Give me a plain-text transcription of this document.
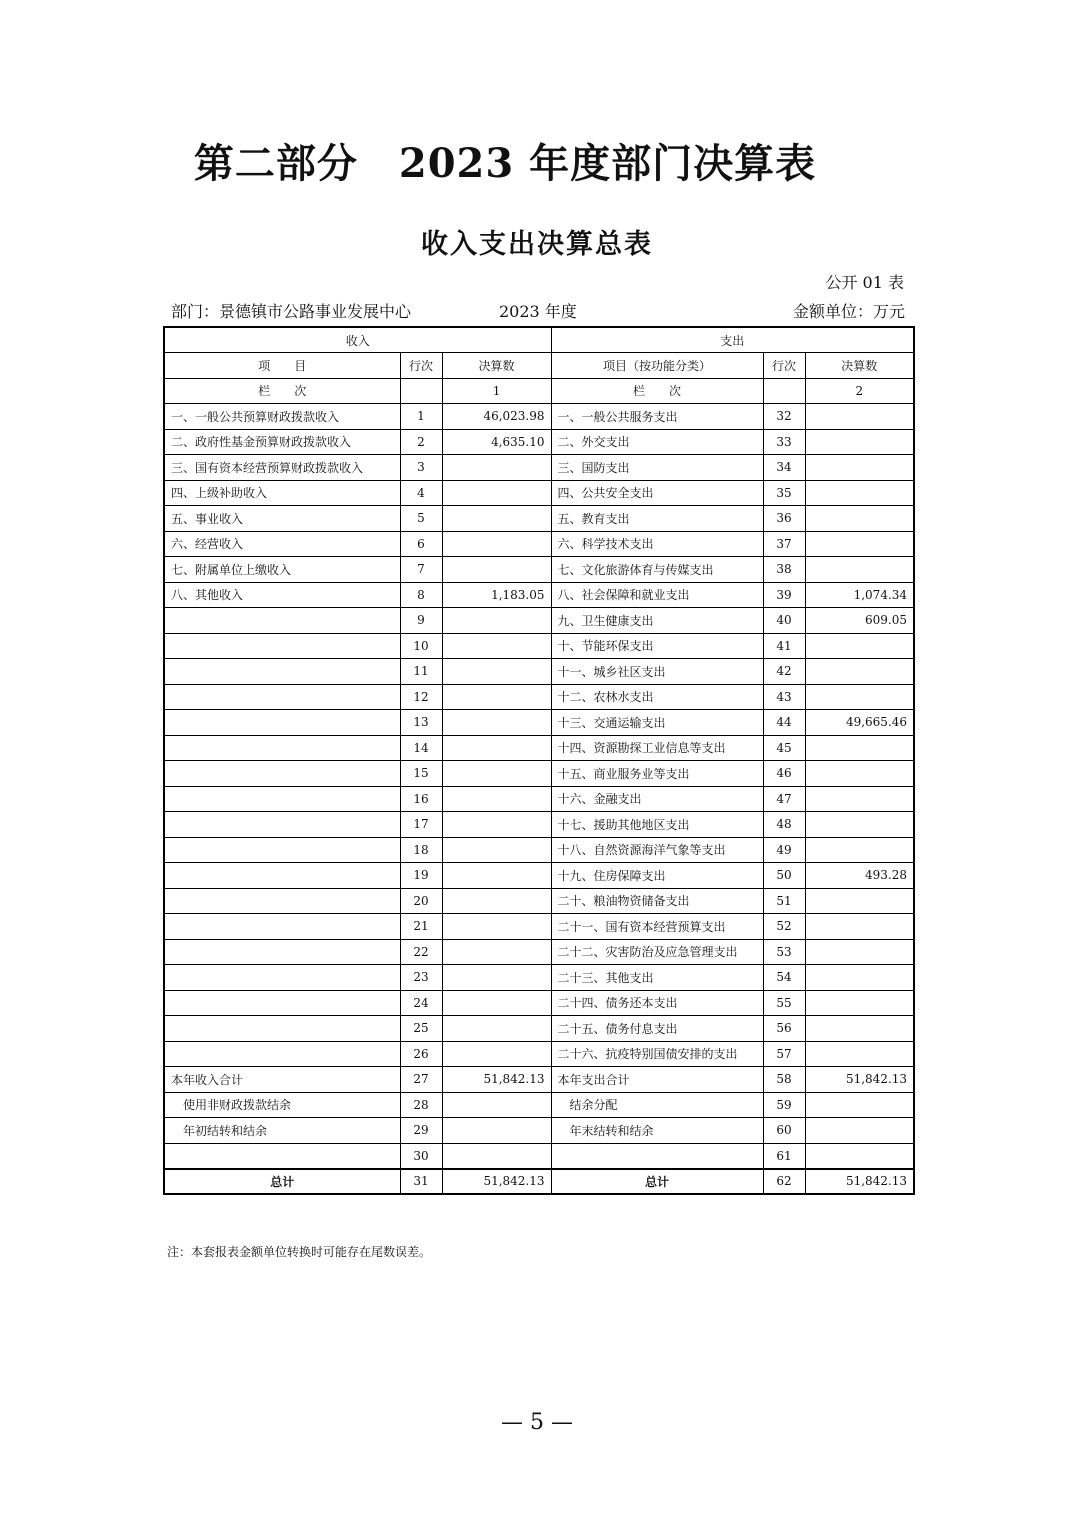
第二部分　2023 年度部门决算表
收入支出决算总表
公开 01 表
部门：景德镇市公路事业发展中心	2023 年度	金额单位：万元
收入			支出		
项　　目	行次	决算数	项目（按功能分类）	行次	决算数
栏　　次		1	栏　　次		2
一、一般公共预算财政拨款收入	1	46,023.98	一、一般公共服务支出	32	
二、政府性基金预算财政拨款收入	2	4,635.10	二、外交支出	33	
三、国有资本经营预算财政拨款收入	3		三、国防支出	34	
四、上级补助收入	4		四、公共安全支出	35	
五、事业收入	5		五、教育支出	36	
六、经营收入	6		六、科学技术支出	37	
七、附属单位上缴收入	7		七、文化旅游体育与传媒支出	38	
八、其他收入	8	1,183.05	八、社会保障和就业支出	39	1,074.34
	9		九、卫生健康支出	40	609.05
	10		十、节能环保支出	41	
	11		十一、城乡社区支出	42	
	12		十二、农林水支出	43	
	13		十三、交通运输支出	44	49,665.46
	14		十四、资源勘探工业信息等支出	45	
	15		十五、商业服务业等支出	46	
	16		十六、金融支出	47	
	17		十七、援助其他地区支出	48	
	18		十八、自然资源海洋气象等支出	49	
	19		十九、住房保障支出	50	493.28
	20		二十、粮油物资储备支出	51	
	21		二十一、国有资本经营预算支出	52	
	22		二十二、灾害防治及应急管理支出	53	
	23		二十三、其他支出	54	
	24		二十四、债务还本支出	55	
	25		二十五、债务付息支出	56	
	26		二十六、抗疫特别国债安排的支出	57	
本年收入合计	27	51,842.13	本年支出合计	58	51,842.13
使用非财政拨款结余	28		结余分配	59	
年初结转和结余	29		年末结转和结余	60	
	30			61	
总计	31	51,842.13	总计	62	51,842.13
注：本套报表金额单位转换时可能存在尾数误差。
— 5 —
